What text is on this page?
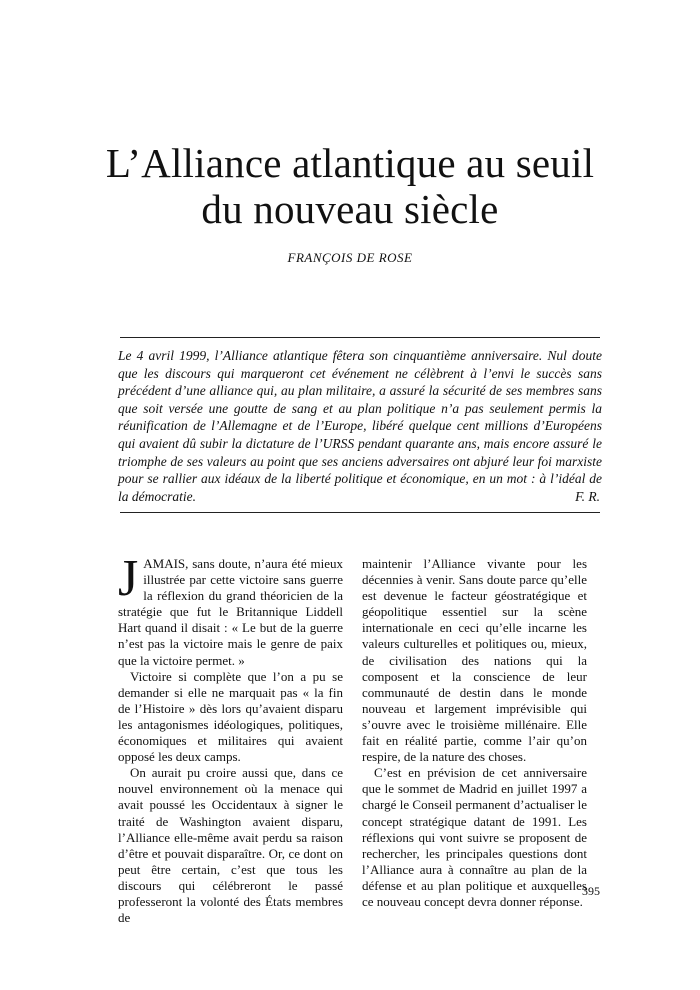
L’Alliance atlantique au seuil
du nouveau siècle
FRANÇOIS DE ROSE

Le 4 avril 1999, l’Alliance atlantique fêtera son cinquantième anniversaire. Nul doute que les discours qui marqueront cet événement ne célèbrent à l’envi le succès sans précédent d’une alliance qui, au plan militaire, a assuré la sécurité de ses membres sans que soit versée une goutte de sang et au plan politique n’a pas seulement permis la réunification de l’Allemagne et de l’Europe, libéré quelque cent millions d’Européens qui avaient dû subir la dictature de l’URSS pendant quarante ans, mais encore assuré le triomphe de ses valeurs au point que ses anciens adversaires ont abjuré leur foi marxiste pour se rallier aux idéaux de la liberté politique et économique, en un mot : à l’idéal de la démocratie.	F. R.

JAMAIS, sans doute, n’aura été mieux illustrée par cette victoire sans guerre la réflexion du grand théoricien de la stratégie que fut le Britannique Liddell Hart quand il disait : « Le but de la guerre n’est pas la victoire mais le genre de paix que la victoire permet. »

Victoire si complète que l’on a pu se demander si elle ne marquait pas « la fin de l’Histoire » dès lors qu’avaient disparu les antagonismes idéologiques, politiques, économiques et militaires qui avaient opposé les deux camps.

On aurait pu croire aussi que, dans ce nouvel environnement où la menace qui avait poussé les Occidentaux à signer le traité de Washington avaient disparu, l’Alliance elle-même avait perdu sa raison d’être et pouvait disparaître. Or, ce dont on peut être certain, c’est que tous les discours qui célébreront le passé professeront la volonté des États membres de

maintenir l’Alliance vivante pour les décennies à venir. Sans doute parce qu’elle est devenue le facteur géostratégique et géopolitique essentiel sur la scène internationale en ceci qu’elle incarne les valeurs culturelles et politiques ou, mieux, de civilisation des nations qui la composent et la conscience de leur communauté de destin dans le monde nouveau et largement imprévisible qui s’ouvre avec le troisième millénaire. Elle fait en réalité partie, comme l’air qu’on respire, de la nature des choses.

C’est en prévision de cet anniversaire que le sommet de Madrid en juillet 1997 a chargé le Conseil permanent d’actualiser le concept stratégique datant de 1991. Les réflexions qui vont suivre se proposent de rechercher, les principales questions dont l’Alliance aura à connaître au plan de la défense et au plan politique et auxquelles ce nouveau concept devra donner réponse.

395
